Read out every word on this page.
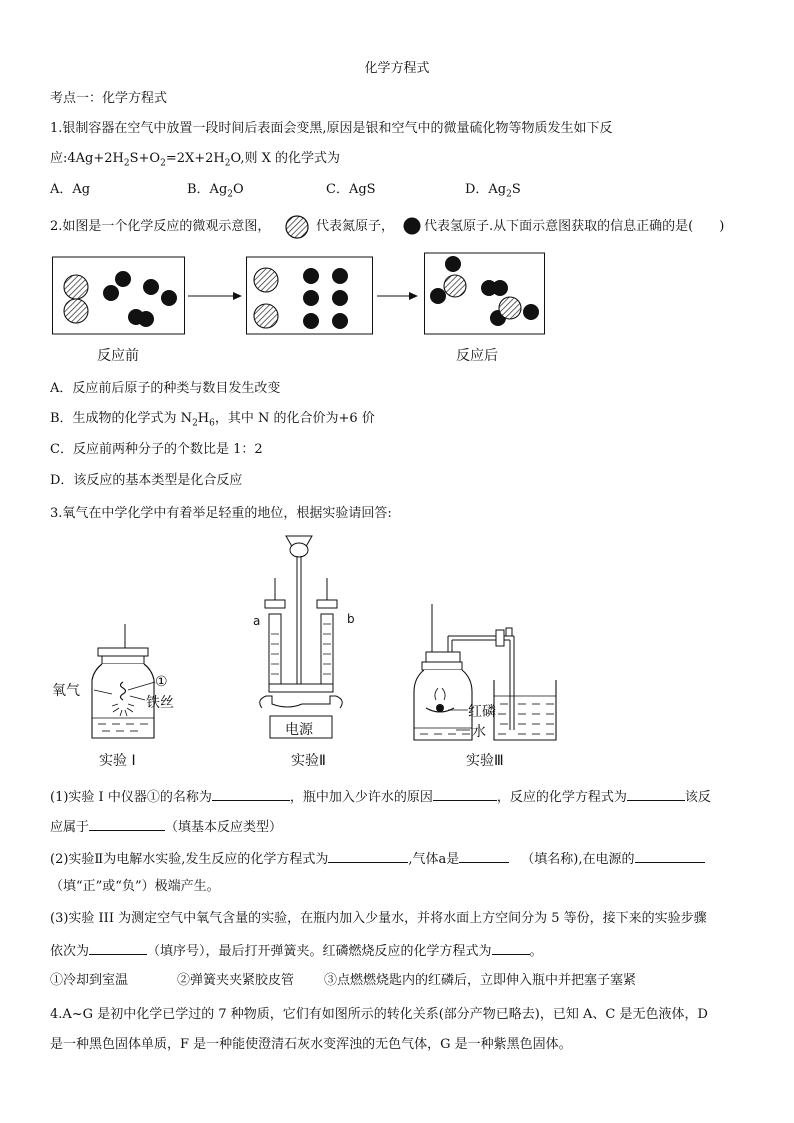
化学方程式
考点一：化学方程式
1.银制容器在空气中放置一段时间后表面会变黑,原因是银和空气中的微量硫化物等物质发生如下反
应$:4Ag+2H_2S+O_2=2X+2H_2O$,则 X 的化学式为
A．Ag	B．$Ag_2O$	C．AgS	D．$Ag_2S$
2.如图是一个化学反应的微观示意图，	代表氮原子， 代表氢原子.从下面示意图获取的信息正确的是(　　)
反应前	反应后
A．反应前后原子的种类与数目发生改变
B．生成物的化学式为 $N_2H_6$，其中 N 的化合价为+6 价
C．反应前两种分子的个数比是 1：2
D．该反应的基本类型是化合反应
3.氧气在中学化学中有着举足轻重的地位，根据实验请回答:
氧气
①
铁丝
实验 I
a	b
电源
实验Ⅱ
红磷
水
实验Ⅲ
(1)实验 I 中仪器①的名称为	，瓶中加入少许水的原因	，反应的化学方程式为	该反
应属于	（填基本反应类型）
(2)实验Ⅱ为电解水实验,发生反应的化学方程式为	,气体a是	（填名称),在电源的
（填“正”或“负”）极端产生。
(3)实验 III 为测定空气中氧气含量的实验，在瓶内加入少量水，并将水面上方空间分为 5 等份，接下来的实验步骤
依次为	（填序号），最后打开弹簧夹。红磷燃烧反应的化学方程式为	。
①冷却到室温	②弹簧夹夹紧胶皮管 ③点燃燃烧匙内的红磷后，立即伸入瓶中并把塞子塞紧
4.A~G 是初中化学已学过的 7 种物质，它们有如图所示的转化关系(部分产物已略去)，已知 A、C 是无色液体，D
是一种黑色固体单质，F 是一种能使澄清石灰水变浑浊的无色气体，G 是一种紫黑色固体。
